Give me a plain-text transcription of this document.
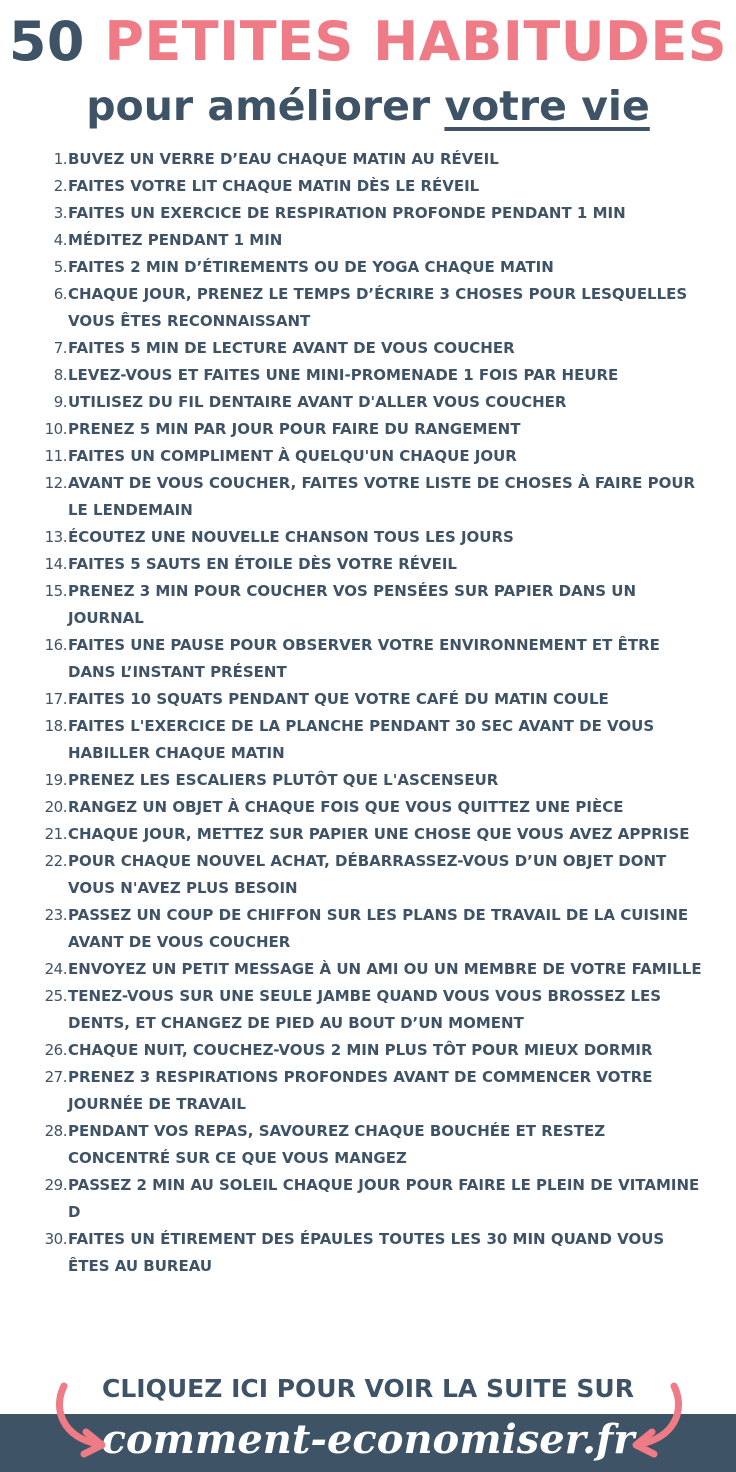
50 PETITES HABITUDES
pour améliorer votre vie
1. BUVEZ UN VERRE D’EAU CHAQUE MATIN AU RÉVEIL
2. FAITES VOTRE LIT CHAQUE MATIN DÈS LE RÉVEIL
3. FAITES UN EXERCICE DE RESPIRATION PROFONDE PENDANT 1 MIN
4. MÉDITEZ PENDANT 1 MIN
5. FAITES 2 MIN D’ÉTIREMENTS OU DE YOGA CHAQUE MATIN
6. CHAQUE JOUR, PRENEZ LE TEMPS D’ÉCRIRE 3 CHOSES POUR LESQUELLES VOUS ÊTES RECONNAISSANT
7. FAITES 5 MIN DE LECTURE AVANT DE VOUS COUCHER
8. LEVEZ-VOUS ET FAITES UNE MINI-PROMENADE 1 FOIS PAR HEURE
9. UTILISEZ DU FIL DENTAIRE AVANT D'ALLER VOUS COUCHER
10. PRENEZ 5 MIN PAR JOUR POUR FAIRE DU RANGEMENT
11. FAITES UN COMPLIMENT À QUELQU'UN CHAQUE JOUR
12. AVANT DE VOUS COUCHER, FAITES VOTRE LISTE DE CHOSES À FAIRE POUR LE LENDEMAIN
13. ÉCOUTEZ UNE NOUVELLE CHANSON TOUS LES JOURS
14. FAITES 5 SAUTS EN ÉTOILE DÈS VOTRE RÉVEIL
15. PRENEZ 3 MIN POUR COUCHER VOS PENSÉES SUR PAPIER DANS UN JOURNAL
16. FAITES UNE PAUSE POUR OBSERVER VOTRE ENVIRONNEMENT ET ÊTRE DANS L’INSTANT PRÉSENT
17. FAITES 10 SQUATS PENDANT QUE VOTRE CAFÉ DU MATIN COULE
18. FAITES L'EXERCICE DE LA PLANCHE PENDANT 30 SEC AVANT DE VOUS HABILLER CHAQUE MATIN
19. PRENEZ LES ESCALIERS PLUTÔT QUE L'ASCENSEUR
20. RANGEZ UN OBJET À CHAQUE FOIS QUE VOUS QUITTEZ UNE PIÈCE
21. CHAQUE JOUR, METTEZ SUR PAPIER UNE CHOSE QUE VOUS AVEZ APPRISE
22. POUR CHAQUE NOUVEL ACHAT, DÉBARRASSEZ-VOUS D’UN OBJET DONT VOUS N'AVEZ PLUS BESOIN
23. PASSEZ UN COUP DE CHIFFON SUR LES PLANS DE TRAVAIL DE LA CUISINE AVANT DE VOUS COUCHER
24. ENVOYEZ UN PETIT MESSAGE À UN AMI OU UN MEMBRE DE VOTRE FAMILLE
25. TENEZ-VOUS SUR UNE SEULE JAMBE QUAND VOUS VOUS BROSSEZ LES DENTS, ET CHANGEZ DE PIED AU BOUT D’UN MOMENT
26. CHAQUE NUIT, COUCHEZ-VOUS 2 MIN PLUS TÔT POUR MIEUX DORMIR
27. PRENEZ 3 RESPIRATIONS PROFONDES AVANT DE COMMENCER VOTRE JOURNÉE DE TRAVAIL
28. PENDANT VOS REPAS, SAVOUREZ CHAQUE BOUCHÉE ET RESTEZ CONCENTRÉ SUR CE QUE VOUS MANGEZ
29. PASSEZ 2 MIN AU SOLEIL CHAQUE JOUR POUR FAIRE LE PLEIN DE VITAMINE D
30. FAITES UN ÉTIREMENT DES ÉPAULES TOUTES LES 30 MIN QUAND VOUS ÊTES AU BUREAU
CLIQUEZ ICI POUR VOIR LA SUITE SUR
comment-economiser.fr
